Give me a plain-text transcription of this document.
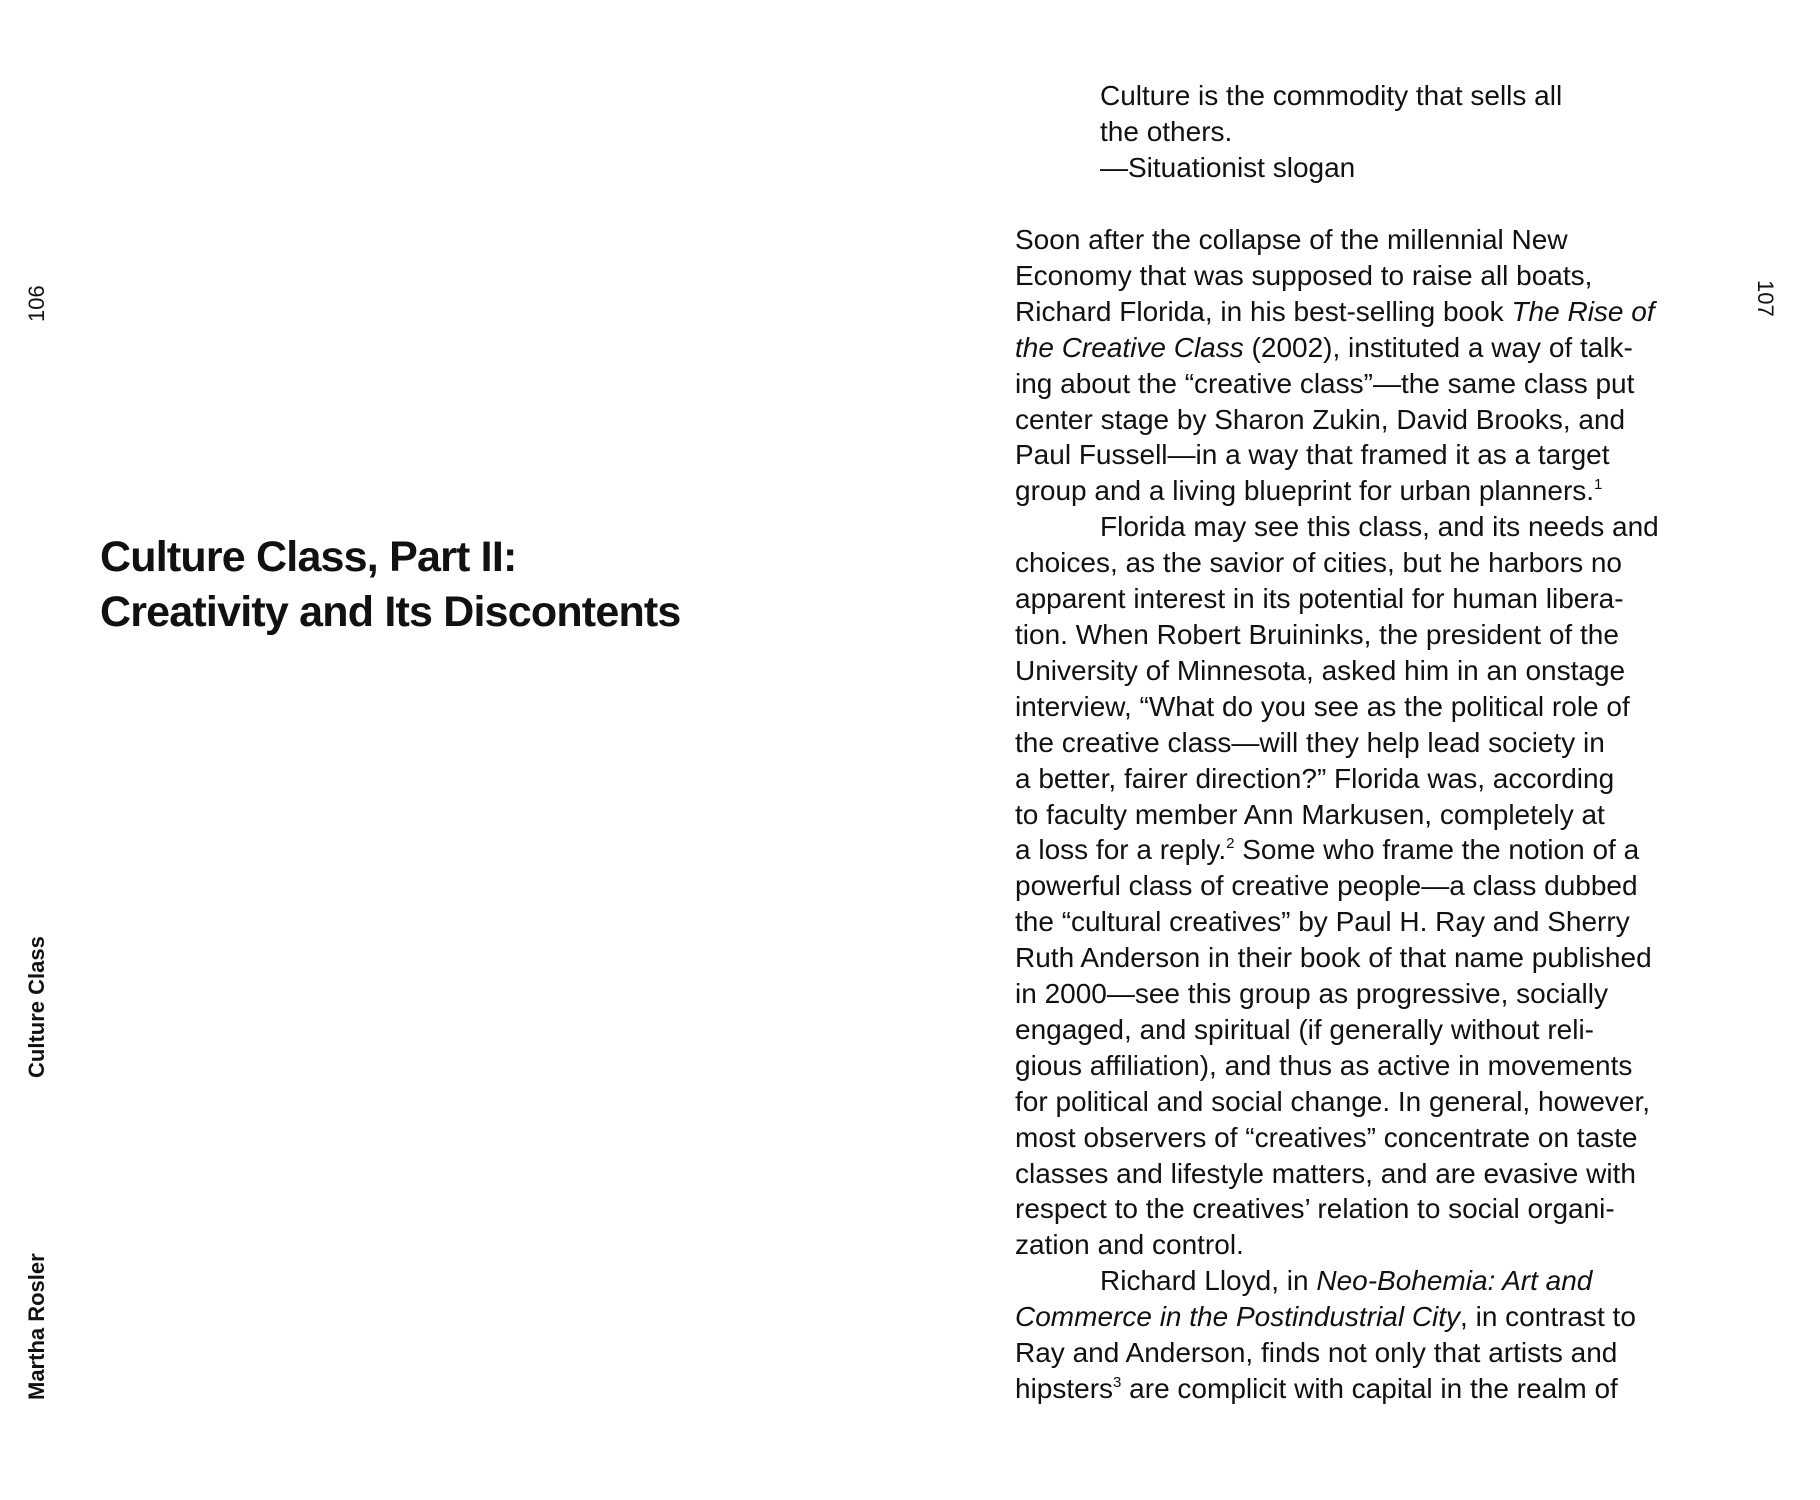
106
Culture Class
Martha Rosler
Culture Class, Part II:
Creativity and Its Discontents
107
Culture is the commodity that sells all
the others.
—Situationist slogan
Soon after the collapse of the millennial New
Economy that was supposed to raise all boats,
Richard Florida, in his best-selling book The Rise of
the Creative Class (2002), instituted a way of talk-
ing about the “creative class”—the same class put
center stage by Sharon Zukin, David Brooks, and
Paul Fussell—in a way that framed it as a target
group and a living blueprint for urban planners.$^1$
Florida may see this class, and its needs and
choices, as the savior of cities, but he harbors no
apparent interest in its potential for human libera-
tion. When Robert Bruininks, the president of the
University of Minnesota, asked him in an onstage
interview, “What do you see as the political role of
the creative class—will they help lead society in
a better, fairer direction?” Florida was, according
to faculty member Ann Markusen, completely at
a loss for a reply.$^2$ Some who frame the notion of a
powerful class of creative people—a class dubbed
the “cultural creatives” by Paul H. Ray and Sherry
Ruth Anderson in their book of that name published
in 2000—see this group as progressive, socially
engaged, and spiritual (if generally without reli-
gious affiliation), and thus as active in movements
for political and social change. In general, however,
most observers of “creatives” concentrate on taste
classes and lifestyle matters, and are evasive with
respect to the creatives’ relation to social organi-
zation and control.
Richard Lloyd, in Neo-Bohemia: Art and
Commerce in the Postindustrial City, in contrast to
Ray and Anderson, finds not only that artists and
hipsters$^3$ are complicit with capital in the realm of
